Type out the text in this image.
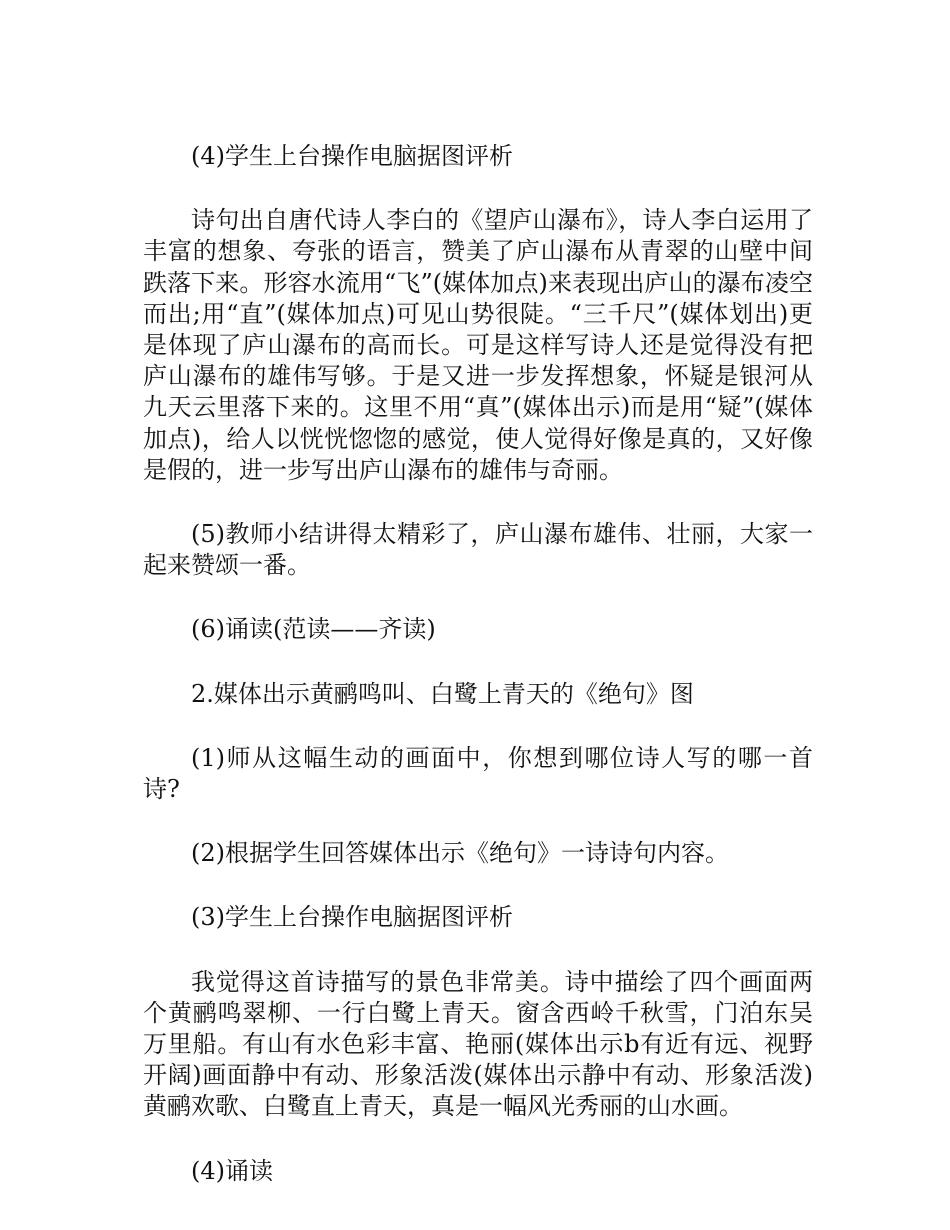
(4)学生上台操作电脑据图评析

诗句出自唐代诗人李白的《望庐山瀑布》，诗人李白运用了丰富的想象、夸张的语言，赞美了庐山瀑布从青翠的山壁中间跌落下来。形容水流用“飞”(媒体加点)来表现出庐山的瀑布凌空而出;用“直”(媒体加点)可见山势很陡。“三千尺”(媒体划出)更是体现了庐山瀑布的高而长。可是这样写诗人还是觉得没有把庐山瀑布的雄伟写够。于是又进一步发挥想象，怀疑是银河从九天云里落下来的。这里不用“真”(媒体出示)而是用“疑”(媒体加点)，给人以恍恍惚惚的感觉，使人觉得好像是真的，又好像是假的，进一步写出庐山瀑布的雄伟与奇丽。

(5)教师小结讲得太精彩了，庐山瀑布雄伟、壮丽，大家一起来赞颂一番。

(6)诵读(范读——齐读)

2.媒体出示黄鹂鸣叫、白鹭上青天的《绝句》图

(1)师从这幅生动的画面中，你想到哪位诗人写的哪一首诗?

(2)根据学生回答媒体出示《绝句》一诗诗句内容。

(3)学生上台操作电脑据图评析

我觉得这首诗描写的景色非常美。诗中描绘了四个画面两个黄鹂鸣翠柳、一行白鹭上青天。窗含西岭千秋雪，门泊东吴万里船。有山有水色彩丰富、艳丽(媒体出示b有近有远、视野开阔)画面静中有动、形象活泼(媒体出示静中有动、形象活泼)黄鹂欢歌、白鹭直上青天，真是一幅风光秀丽的山水画。

(4)诵读
